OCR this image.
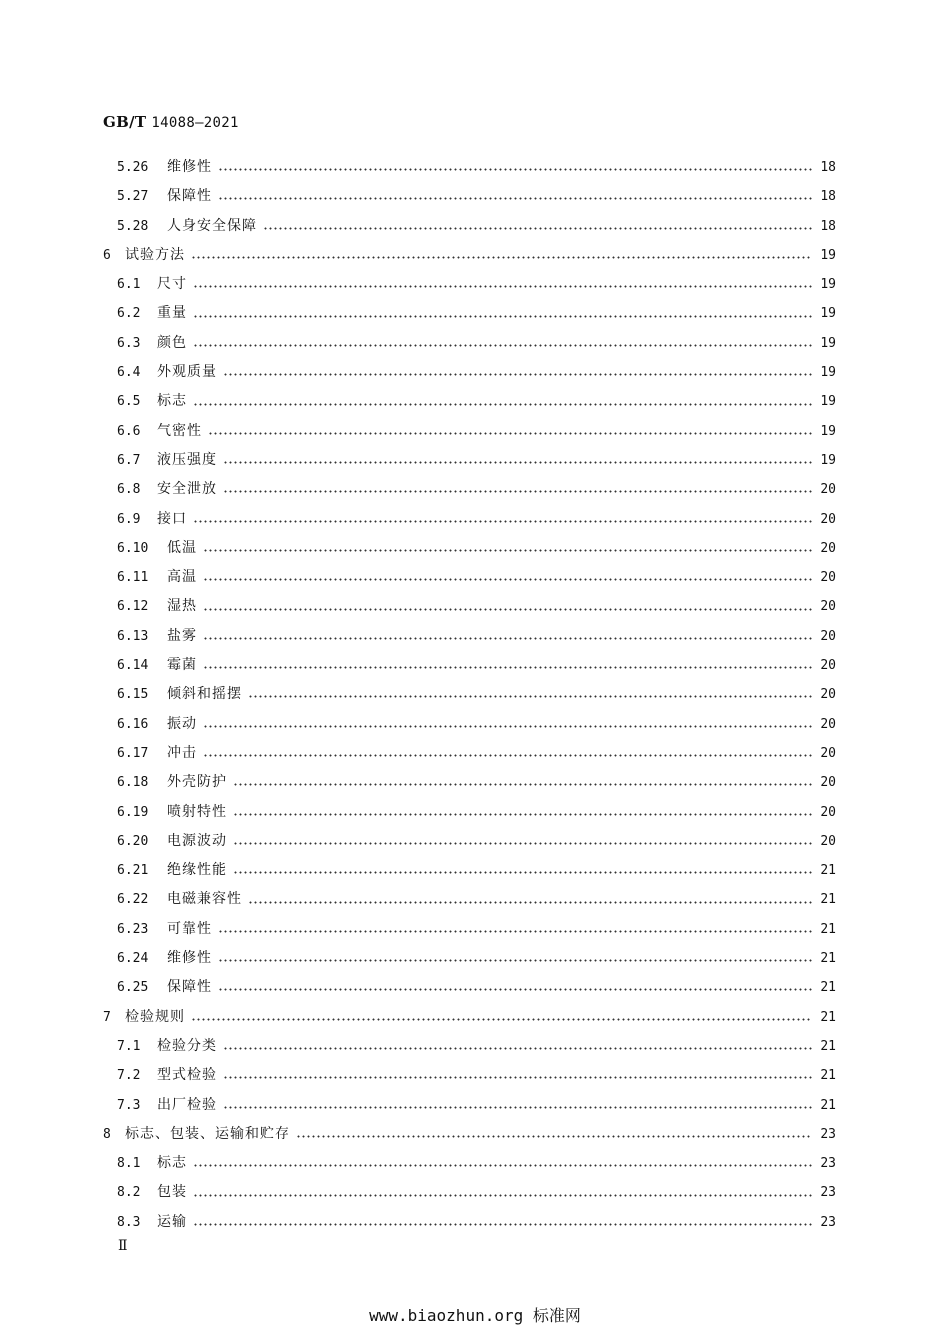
GB/T 14088—2021
5.26	维修性	18
5.27	保障性	18
5.28	人身安全保障	18
6	试验方法	19
6.1	尺寸	19
6.2	重量	19
6.3	颜色	19
6.4	外观质量	19
6.5	标志	19
6.6	气密性	19
6.7	液压强度	19
6.8	安全泄放	20
6.9	接口	20
6.10	低温	20
6.11	高温	20
6.12	湿热	20
6.13	盐雾	20
6.14	霉菌	20
6.15	倾斜和摇摆	20
6.16	振动	20
6.17	冲击	20
6.18	外壳防护	20
6.19	喷射特性	20
6.20	电源波动	20
6.21	绝缘性能	21
6.22	电磁兼容性	21
6.23	可靠性	21
6.24	维修性	21
6.25	保障性	21
7	检验规则	21
7.1	检验分类	21
7.2	型式检验	21
7.3	出厂检验	21
8	标志、包装、运输和贮存	23
8.1	标志	23
8.2	包装	23
8.3	运输	23
Ⅱ
www.biaozhun.org 标准网
